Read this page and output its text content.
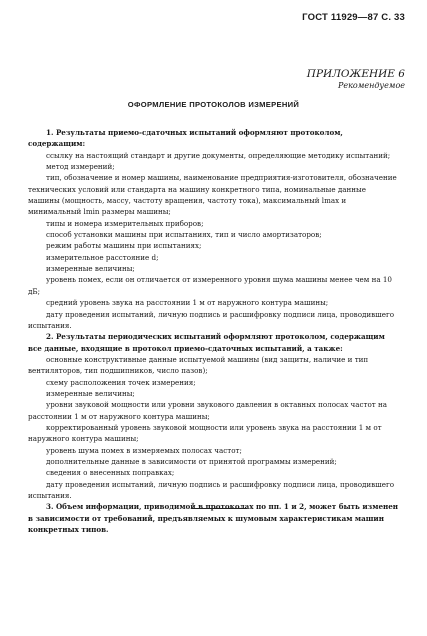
ГОСТ 11929—87 С. 33
ПРИЛОЖЕНИЕ 6
Рекомендуемое
ОФОРМЛЕНИЕ ПРОТОКОЛОВ ИЗМЕРЕНИЙ

1. Результаты приемо-сдаточных испытаний оформляют протоколом, содержащим:

ссылку на настоящий стандарт и другие документы, определяющие методику испытаний;

метод измерений;

тип, обозначение и номер машины, наименование предприятия-изготовителя, обозначение технических условий или стандарта на машину конкретного типа, номинальные данные машины (мощность, массу, частоту вращения, частоту тока), максимальный lmax и минимальный lmin размеры машины;

типы и номера измерительных приборов;

способ установки машины при испытаниях, тип и число амортизаторов;

режим работы машины при испытаниях;

измерительное расстояние d;

измеренные величины;

уровень помех, если он отличается от измеренного уровня шума машины менее чем на 10 дБ;

средний уровень звука на расстоянии 1 м от наружного контура машины;

дату проведения испытаний, личную подпись и расшифровку подписи лица, проводившего испытания.

2. Результаты периодических испытаний оформляют протоколом, содержащим все данные, входящие в протокол приемо-сдаточных испытаний, а также:

основные конструктивные данные испытуемой машины (вид защиты, наличие и тип вентиляторов, тип подшипников, число пазов);

схему расположения точек измерения;

измеренные величины;

уровни звуковой мощности или уровни звукового давления в октавных полосах частот на расстоянии 1 м от наружного контура машины;

корректированный уровень звуковой мощности или уровень звука на расстоянии 1 м от наружного контура машины;

уровень шума помех в измеряемых полосах частот;

дополнительные данные в зависимости от принятой программы измерений;

сведения о внесенных поправках;

дату проведения испытаний, личную подпись и расшифровку подписи лица, проводившего испытания.

3. Объем информации, приводимой в протоколах по пп. 1 и 2, может быть изменен в зависимости от требований, предъявляемых к шумовым характеристикам машин конкретных типов.
